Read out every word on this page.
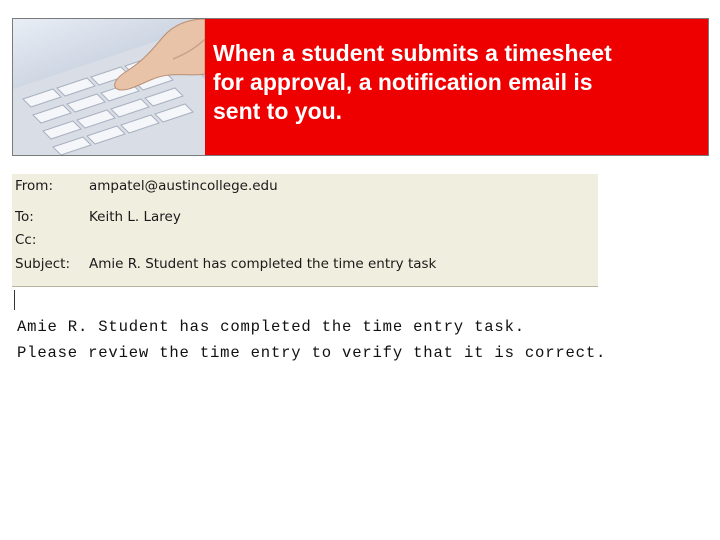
When a student submits a timesheet
for approval, a notification email is
sent to you.
From:	ampatel@austincollege.edu
To:	Keith L. Larey
Cc:
Subject: Amie R. Student has completed the time entry task
Amie R. Student has completed the time entry task.
Please review the time entry to verify that it is correct.
